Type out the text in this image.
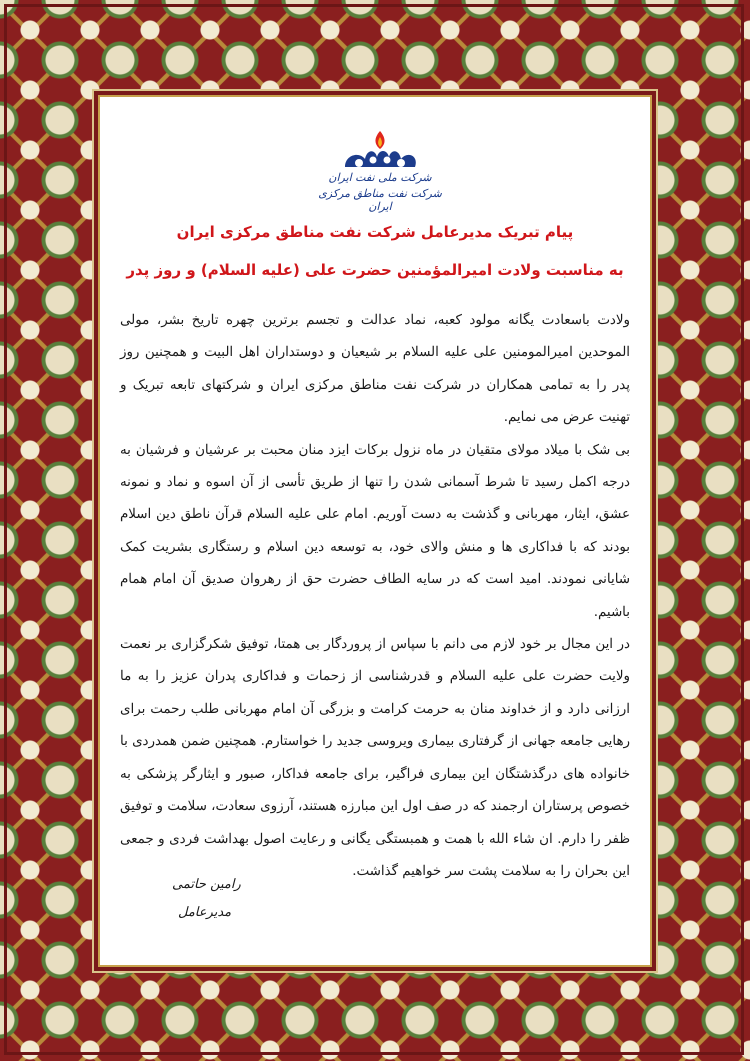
شرکت ملی نفت ایران
شرکت نفت مناطق مرکزی ایران
پیام تبریک مدیرعامل شرکت نفت مناطق مرکزی ایران
به مناسبت ولادت امیرالمؤمنین حضرت علی (علیه السلام) و روز پدر

ولادت باسعادت یگانه مولود کعبه، نماد عدالت و تجسم برترین چهره تاریخ بشر، مولی الموحدین امیرالمومنین علی علیه السلام بر شیعیان و دوستداران اهل البیت و همچنین روز پدر را به تمامی همکاران در شرکت نفت مناطق مرکزی ایران و شرکتهای تابعه تبریک و تهنیت عرض می نمایم.

بی شک با میلاد مولای متقیان در ماه نزول برکات ایزد منان محبت بر عرشیان و فرشیان به درجه اکمل رسید تا شرط آسمانی شدن را تنها از طریق تأسی از آن اسوه و نماد و نمونه عشق، ایثار، مهربانی و گذشت به دست آوریم. امام علی علیه السلام قرآن ناطق دین اسلام بودند که با فداکاری ها و منش والای خود، به توسعه دین اسلام و رستگاری بشریت کمک شایانی نمودند. امید است که در سایه الطاف حضرت حق از رهروان صدیق آن امام همام باشیم.

در این مجال بر خود لازم می دانم با سپاس از پروردگار بی همتا، توفیق شکرگزاری بر نعمت ولایت حضرت علی علیه السلام و قدرشناسی از زحمات و فداکاری پدران عزیز را به ما ارزانی دارد و از خداوند منان به حرمت کرامت و بزرگی آن امام مهربانی طلب رحمت برای رهایی جامعه جهانی از گرفتاری بیماری ویروسی جدید را خواستارم. همچنین ضمن همدردی با خانواده های درگذشتگان این بیماری فراگیر، برای جامعه فداکار، صبور و ایثارگر پزشکی به خصوص پرستاران ارجمند که در صف اول این مبارزه هستند، آرزوی سعادت، سلامت و توفیق ظفر را دارم. ان شاء الله با همت و همبستگی یگانی و رعایت اصول بهداشت فردی و جمعی این بحران را به سلامت پشت سر خواهیم گذاشت.

رامین حاتمی
مدیرعامل
